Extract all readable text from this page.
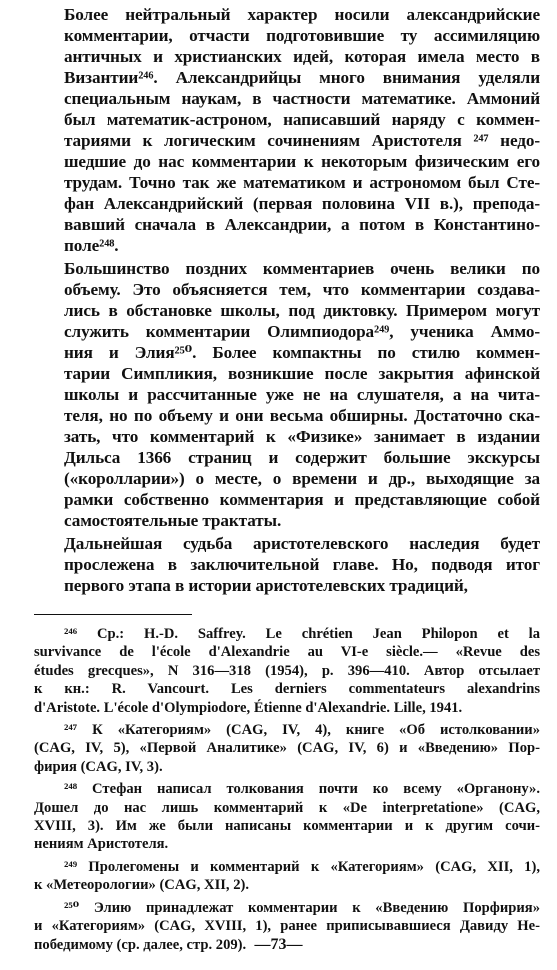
Более нейтральный характер носили александрийские
комментарии, отчасти подготовившие ту ассимиляцию
античных и христианских идей, которая имела место в
Византии²⁴⁶. Александрийцы много внимания уделяли
специальным наукам, в частности математике. Аммоний
был математик-астроном, написавший наряду с коммен-
тариями к логическим сочинениям Аристотеля ²⁴⁷ недо-
шедшие до нас комментарии к некоторым физическим его
трудам. Точно так же математиком и астрономом был Сте-
фан Александрийский (первая половина VII в.), препода-
вавший сначала в Александрии, а потом в Константино-
поле²⁴⁸.
Большинство поздних комментариев очень велики по
объему. Это объясняется тем, что комментарии создава-
лись в обстановке школы, под диктовку. Примером могут
служить комментарии Олимпиодора²⁴⁹, ученика Аммо-
ния и Элия²⁵⁰. Более компактны по стилю коммен-
тарии Симпликия, возникшие после закрытия афинской
школы и рассчитанные уже не на слушателя, а на чита-
теля, но по объему и они весьма обширны. Достаточно ска-
зать, что комментарий к «Физике» занимает в издании
Дильса 1366 страниц и содержит большие экскурсы
(«королларии») о месте, о времени и др., выходящие за
рамки собственно комментария и представляющие собой
самостоятельные трактаты.
Дальнейшая судьба аристотелевского наследия будет
прослежена в заключительной главе. Но, подводя итог
первого этапа в истории аристотелевских традиций,
²⁴⁶ Ср.: H.-D. Saffrey. Le chrétien Jean Philopon et la
survivance de l'école d'Alexandrie au VI-e siècle.— «Revue des
études grecques», N 316—318 (1954), p. 396—410. Автор отсылает
к кн.: R. Vancourt. Les derniers commentateurs alexandrins
d'Aristote. L'école d'Olympiodore, Étienne d'Alexandrie. Lille, 1941.
²⁴⁷ К «Категориям» (CAG, IV, 4), книге «Об истолковании»
(CAG, IV, 5), «Первой Аналитике» (CAG, IV, 6) и «Введению» Пор-
фирия (CAG, IV, 3).
²⁴⁸ Стефан написал толкования почти ко всему «Органону».
Дошел до нас лишь комментарий к «De interpretatione» (CAG,
XVIII, 3). Им же были написаны комментарии и к другим сочи-
нениям Аристотеля.
²⁴⁹ Пролегомены и комментарий к «Категориям» (CAG, XII, 1),
к «Метеорологии» (CAG, XII, 2).
²⁵⁰ Элию принадлежат комментарии к «Введению Порфирия»
и «Категориям» (CAG, XVIII, 1), ранее приписывавшиеся Давиду Не-
победимому (ср. далее, стр. 209). —73—
